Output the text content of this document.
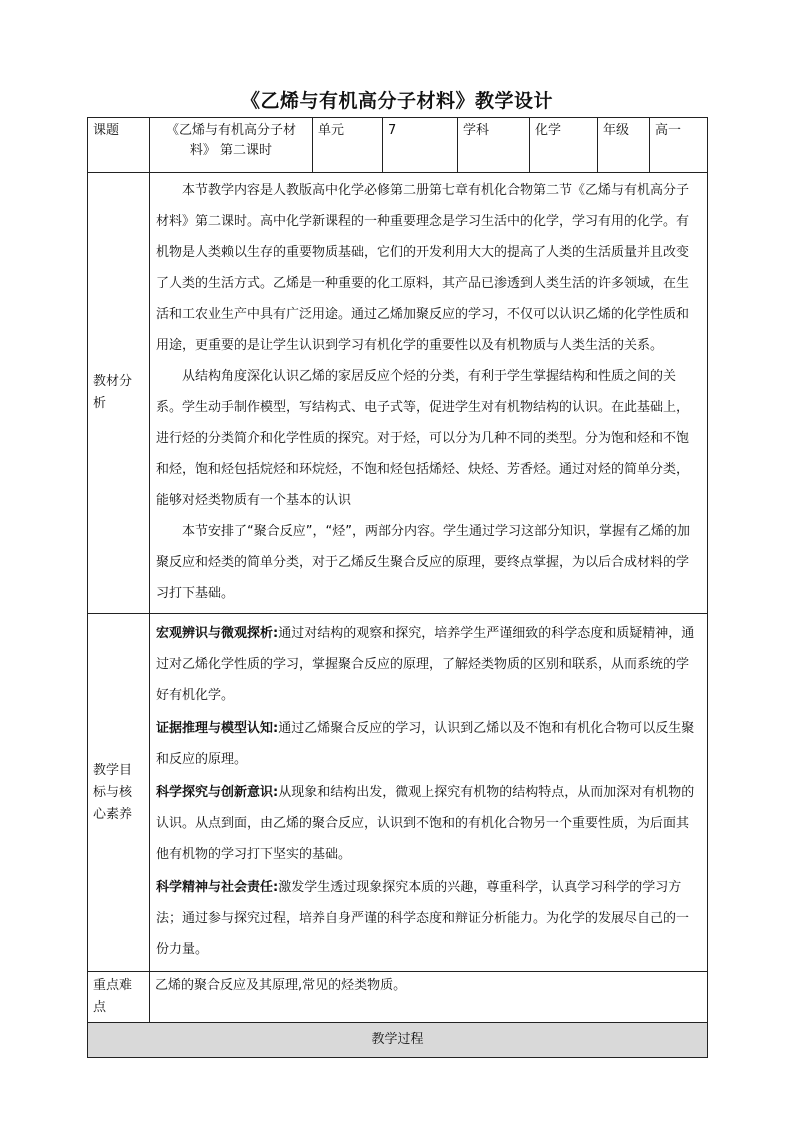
《乙烯与有机高分子材料》教学设计
课题	《乙烯与有机高分子材料》 第二课时	单元	7	学科	化学	年级	高一
教材分析	本节教学内容是人教版高中化学必修第二册第七章有机化合物第二节《乙烯与有机高分子材料》第二课时。高中化学新课程的一种重要理念是学习生活中的化学，学习有用的化学。有机物是人类赖以生存的重要物质基础，它们的开发利用大大的提高了人类的生活质量并且改变了人类的生活方式。乙烯是一种重要的化工原料，其产品已渗透到人类生活的许多领域，在生活和工农业生产中具有广泛用途。通过乙烯加聚反应的学习，不仅可以认识乙烯的化学性质和用途，更重要的是让学生认识到学习有机化学的重要性以及有机物质与人类生活的关系。

从结构角度深化认识乙烯的家居反应个烃的分类，有利于学生掌握结构和性质之间的关系。学生动手制作模型，写结构式、电子式等，促进学生对有机物结构的认识。在此基础上，进行烃的分类简介和化学性质的探究。对于烃，可以分为几种不同的类型。分为饱和烃和不饱和烃，饱和烃包括烷烃和环烷烃，不饱和烃包括烯烃、炔烃、芳香烃。通过对烃的简单分类，能够对烃类物质有一个基本的认识

本节安排了“聚合反应”，“烃”，两部分内容。学生通过学习这部分知识，掌握有乙烯的加聚反应和烃类的简单分类，对于乙烯反生聚合反应的原理，要终点掌握，为以后合成材料的学习打下基础。						

教学目标与核心素养	宏观辨识与微观探析:通过对结构的观察和探究，培养学生严谨细致的科学态度和质疑精神，通过对乙烯化学性质的学习，掌握聚合反应的原理，了解烃类物质的区别和联系，从而系统的学好有机化学。

证据推理与模型认知:通过乙烯聚合反应的学习，认识到乙烯以及不饱和有机化合物可以反生聚和反应的原理。

科学探究与创新意识:从现象和结构出发，微观上探究有机物的结构特点，从而加深对有机物的认识。从点到面，由乙烯的聚合反应，认识到不饱和的有机化合物另一个重要性质，为后面其他有机物的学习打下坚实的基础。

科学精神与社会责任:激发学生透过现象探究本质的兴趣，尊重科学，认真学习科学的学习方法；通过参与探究过程，培养自身严谨的科学态度和辩证分析能力。为化学的发展尽自己的一份力量。						

重点难点	乙烯的聚合反应及其原理,常见的烃类物质。						
教学过程							
